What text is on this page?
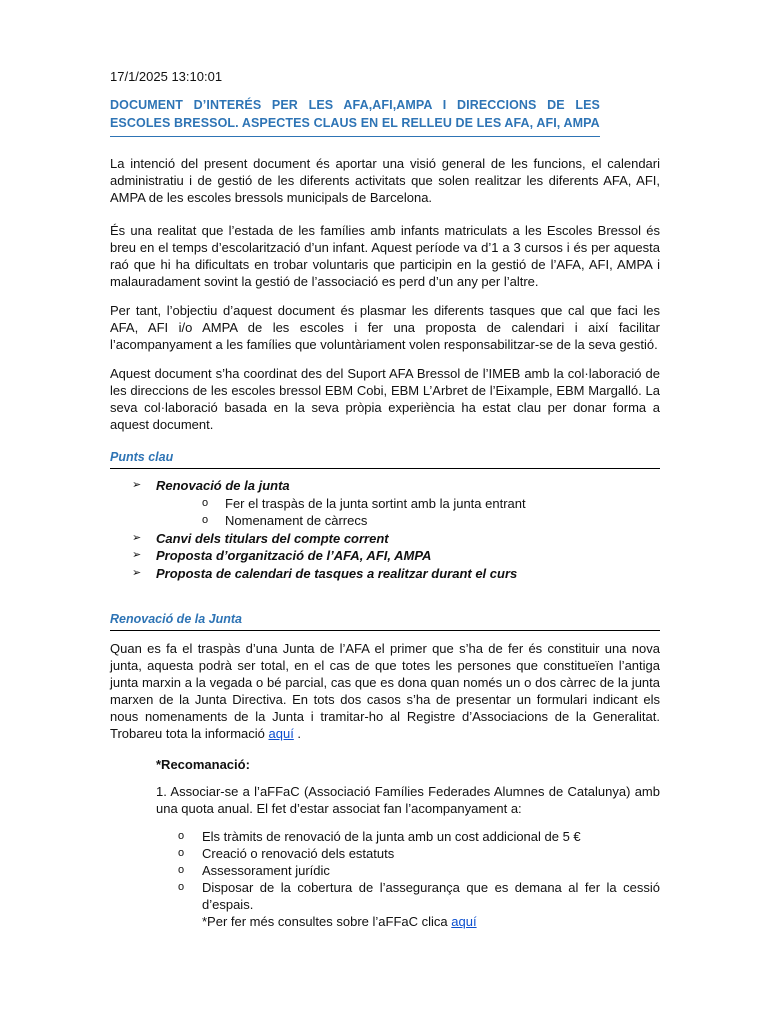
17/1/2025 13:10:01
DOCUMENT D’INTERÉS PER LES AFA,AFI,AMPA I DIRECCIONS DE LES ESCOLES BRESSOL. ASPECTES CLAUS EN EL RELLEU DE LES AFA, AFI, AMPA

La intenció del present document és aportar una visió general de les funcions, el calendari administratiu i de gestió de les diferents activitats que solen realitzar les diferents AFA, AFI, AMPA de les escoles bressols municipals de Barcelona.

És una realitat que l’estada de les famílies amb infants matriculats a les Escoles Bressol és breu en el temps d’escolarització d’un infant. Aquest període va d’1 a 3 cursos i és per aquesta raó que hi ha dificultats en trobar voluntaris que participin en la gestió de l’AFA, AFI, AMPA i malauradament sovint la gestió de l’associació es perd d’un any per l’altre.

Per tant, l’objectiu d’aquest document és plasmar les diferents tasques que cal que faci les AFA, AFI i/o AMPA de les escoles i fer una proposta de calendari i així facilitar l’acompanyament a les famílies que voluntàriament volen responsabilitzar-se de la seva gestió.

Aquest document s’ha coordinat des del Suport AFA Bressol de l’IMEB amb la col·laboració de les direccions de les escoles bressol EBM Cobi, EBM L’Arbret de l’Eixample, EBM Margalló. La seva col·laboració basada en la seva pròpia experiència ha estat clau per donar forma a aquest document.

Punts clau
➢ Renovació de la junta
o Fer el traspàs de la junta sortint amb la junta entrant
o Nomenament de càrrecs
➢ Canvi dels titulars del compte corrent
➢ Proposta d’organització de l’AFA, AFI, AMPA
➢ Proposta de calendari de tasques a realitzar durant el curs
Renovació de la Junta

Quan es fa el traspàs d’una Junta de l’AFA el primer que s’ha de fer és constituir una nova junta, aquesta podrà ser total, en el cas de que totes les persones que constitueïen l’antiga junta marxin a la vegada o bé parcial, cas que es dona quan només un o dos càrrec de la junta marxen de la Junta Directiva. En tots dos casos s’ha de presentar un formulari indicant els nous nomenaments de la Junta i tramitar-ho al Registre d’Associacions de la Generalitat. Trobareu tota la informació aquí .

*Recomanació:

1. Associar-se a l’aFFaC (Associació Famílies Federades Alumnes de Catalunya) amb una quota anual. El fet d’estar associat fan l’acompanyament a:

o Els tràmits de renovació de la junta amb un cost addicional de 5 €
o Creació o renovació dels estatuts
o Assessorament jurídic
o Disposar de la cobertura de l’assegurança que es demana al fer la cessió d’espais.
*Per fer més consultes sobre l’aFFaC clica aquí
